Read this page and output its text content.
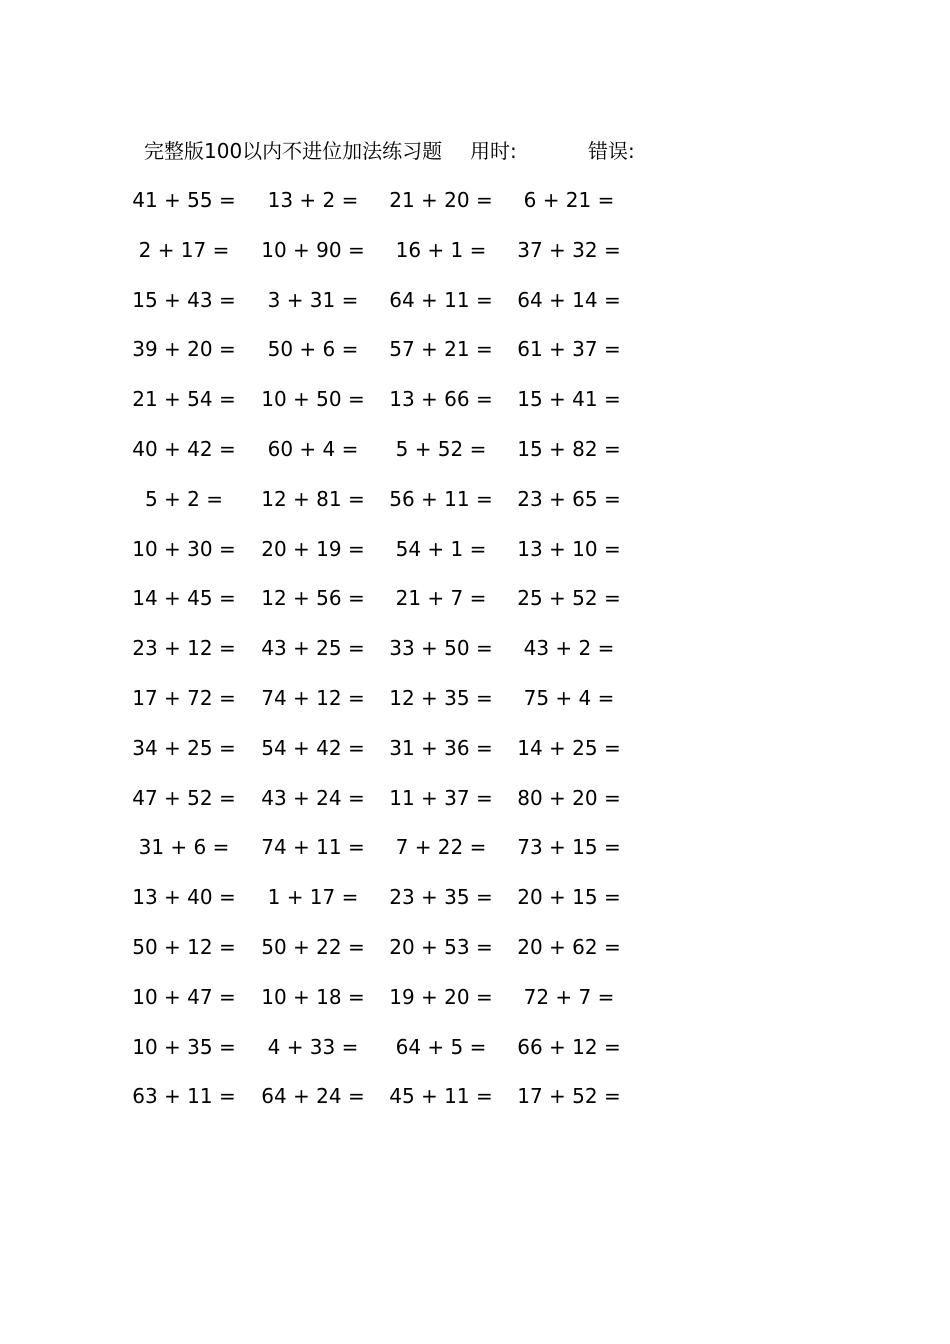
完整版100以内不进位加法练习题 用时:	错误:
41 + 55 =	13 + 2 =	21 + 20 =	6 + 21 =
2 + 17 =	10 + 90 =	16 + 1 =	37 + 32 =
15 + 43 =	3 + 31 =	64 + 11 =	64 + 14 =
39 + 20 =	50 + 6 =	57 + 21 =	61 + 37 =
21 + 54 =	10 + 50 =	13 + 66 =	15 + 41 =
40 + 42 =	60 + 4 =	5 + 52 =	15 + 82 =
5 + 2 =	12 + 81 =	56 + 11 =	23 + 65 =
10 + 30 =	20 + 19 =	54 + 1 =	13 + 10 =
14 + 45 =	12 + 56 =	21 + 7 =	25 + 52 =
23 + 12 =	43 + 25 =	33 + 50 =	43 + 2 =
17 + 72 =	74 + 12 =	12 + 35 =	75 + 4 =
34 + 25 =	54 + 42 =	31 + 36 =	14 + 25 =
47 + 52 =	43 + 24 =	11 + 37 =	80 + 20 =
31 + 6 =	74 + 11 =	7 + 22 =	73 + 15 =
13 + 40 =	1 + 17 =	23 + 35 =	20 + 15 =
50 + 12 =	50 + 22 =	20 + 53 =	20 + 62 =
10 + 47 =	10 + 18 =	19 + 20 =	72 + 7 =
10 + 35 =	4 + 33 =	64 + 5 =	66 + 12 =
63 + 11 =	64 + 24 =	45 + 11 =	17 + 52 =
